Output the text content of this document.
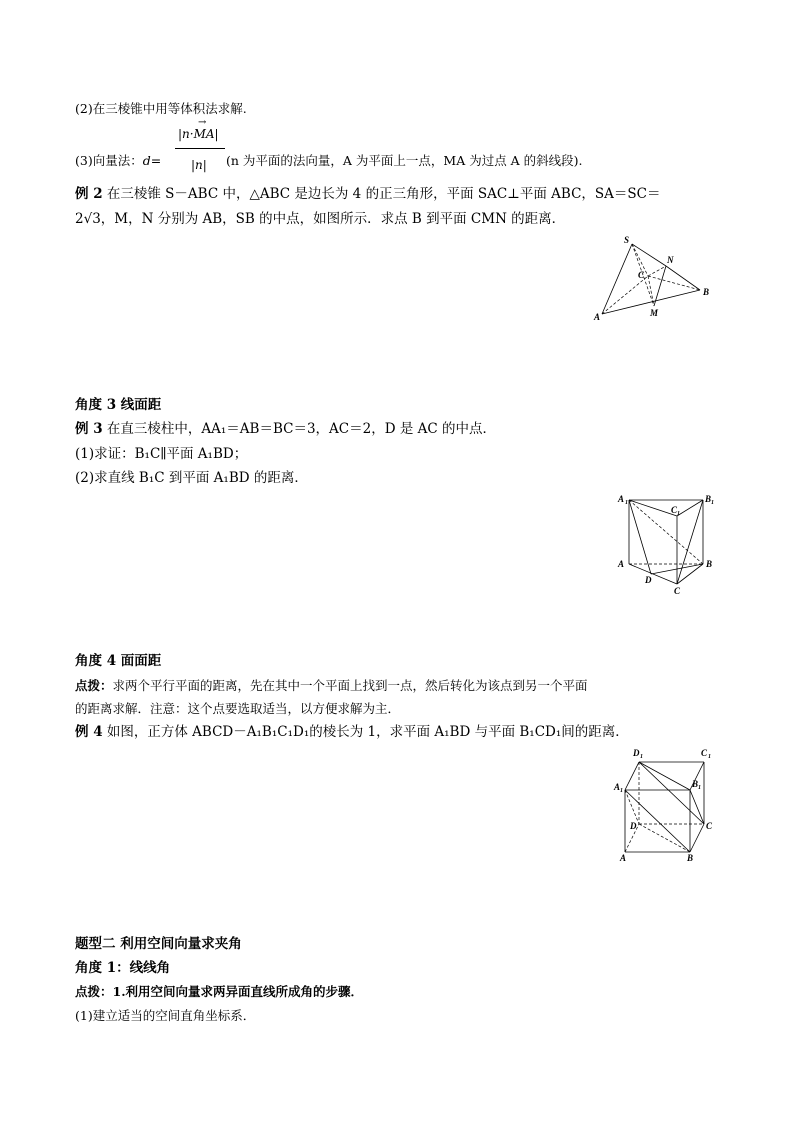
(2)在三棱锥中用等体积法求解.
→
|n·MA|
|n|
(3)向量法：d=	(n 为平面的法向量，A 为平面上一点，MA 为过点 A 的斜线段).
例 2 在三棱锥 S－ABC 中，△ABC 是边长为 4 的正三角形，平面 SAC⊥平面 ABC，SA＝SC＝
2√3，M，N 分别为 AB，SB 的中点，如图所示．求点 B 到平面 CMN 的距离．
S
N
C
B
A	M
角度 3 线面距
例 3 在直三棱柱中，AA₁＝AB＝BC＝3，AC＝2，D 是 AC 的中点．
(1)求证：B₁C∥平面 A₁BD；
(2)求直线 B₁C 到平面 A₁BD 的距离．
A 1
C 1
B 1
A
D
B
C
角度 4 面面距
点拨：求两个平行平面的距离，先在其中一个平面上找到一点，然后转化为该点到另一个平面
的距离求解．注意：这个点要选取适当，以方便求解为主．
例 4 如图，正方体 ABCD－A₁B₁C₁D₁的棱长为 1，求平面 A₁BD 与平面 B₁CD₁间的距离．
D 1	C 1
A 1
B 1
D	C
A	B
题型二 利用空间向量求夹角
角度 1：线线角
点拨：1.利用空间向量求两异面直线所成角的步骤．
(1)建立适当的空间直角坐标系．
